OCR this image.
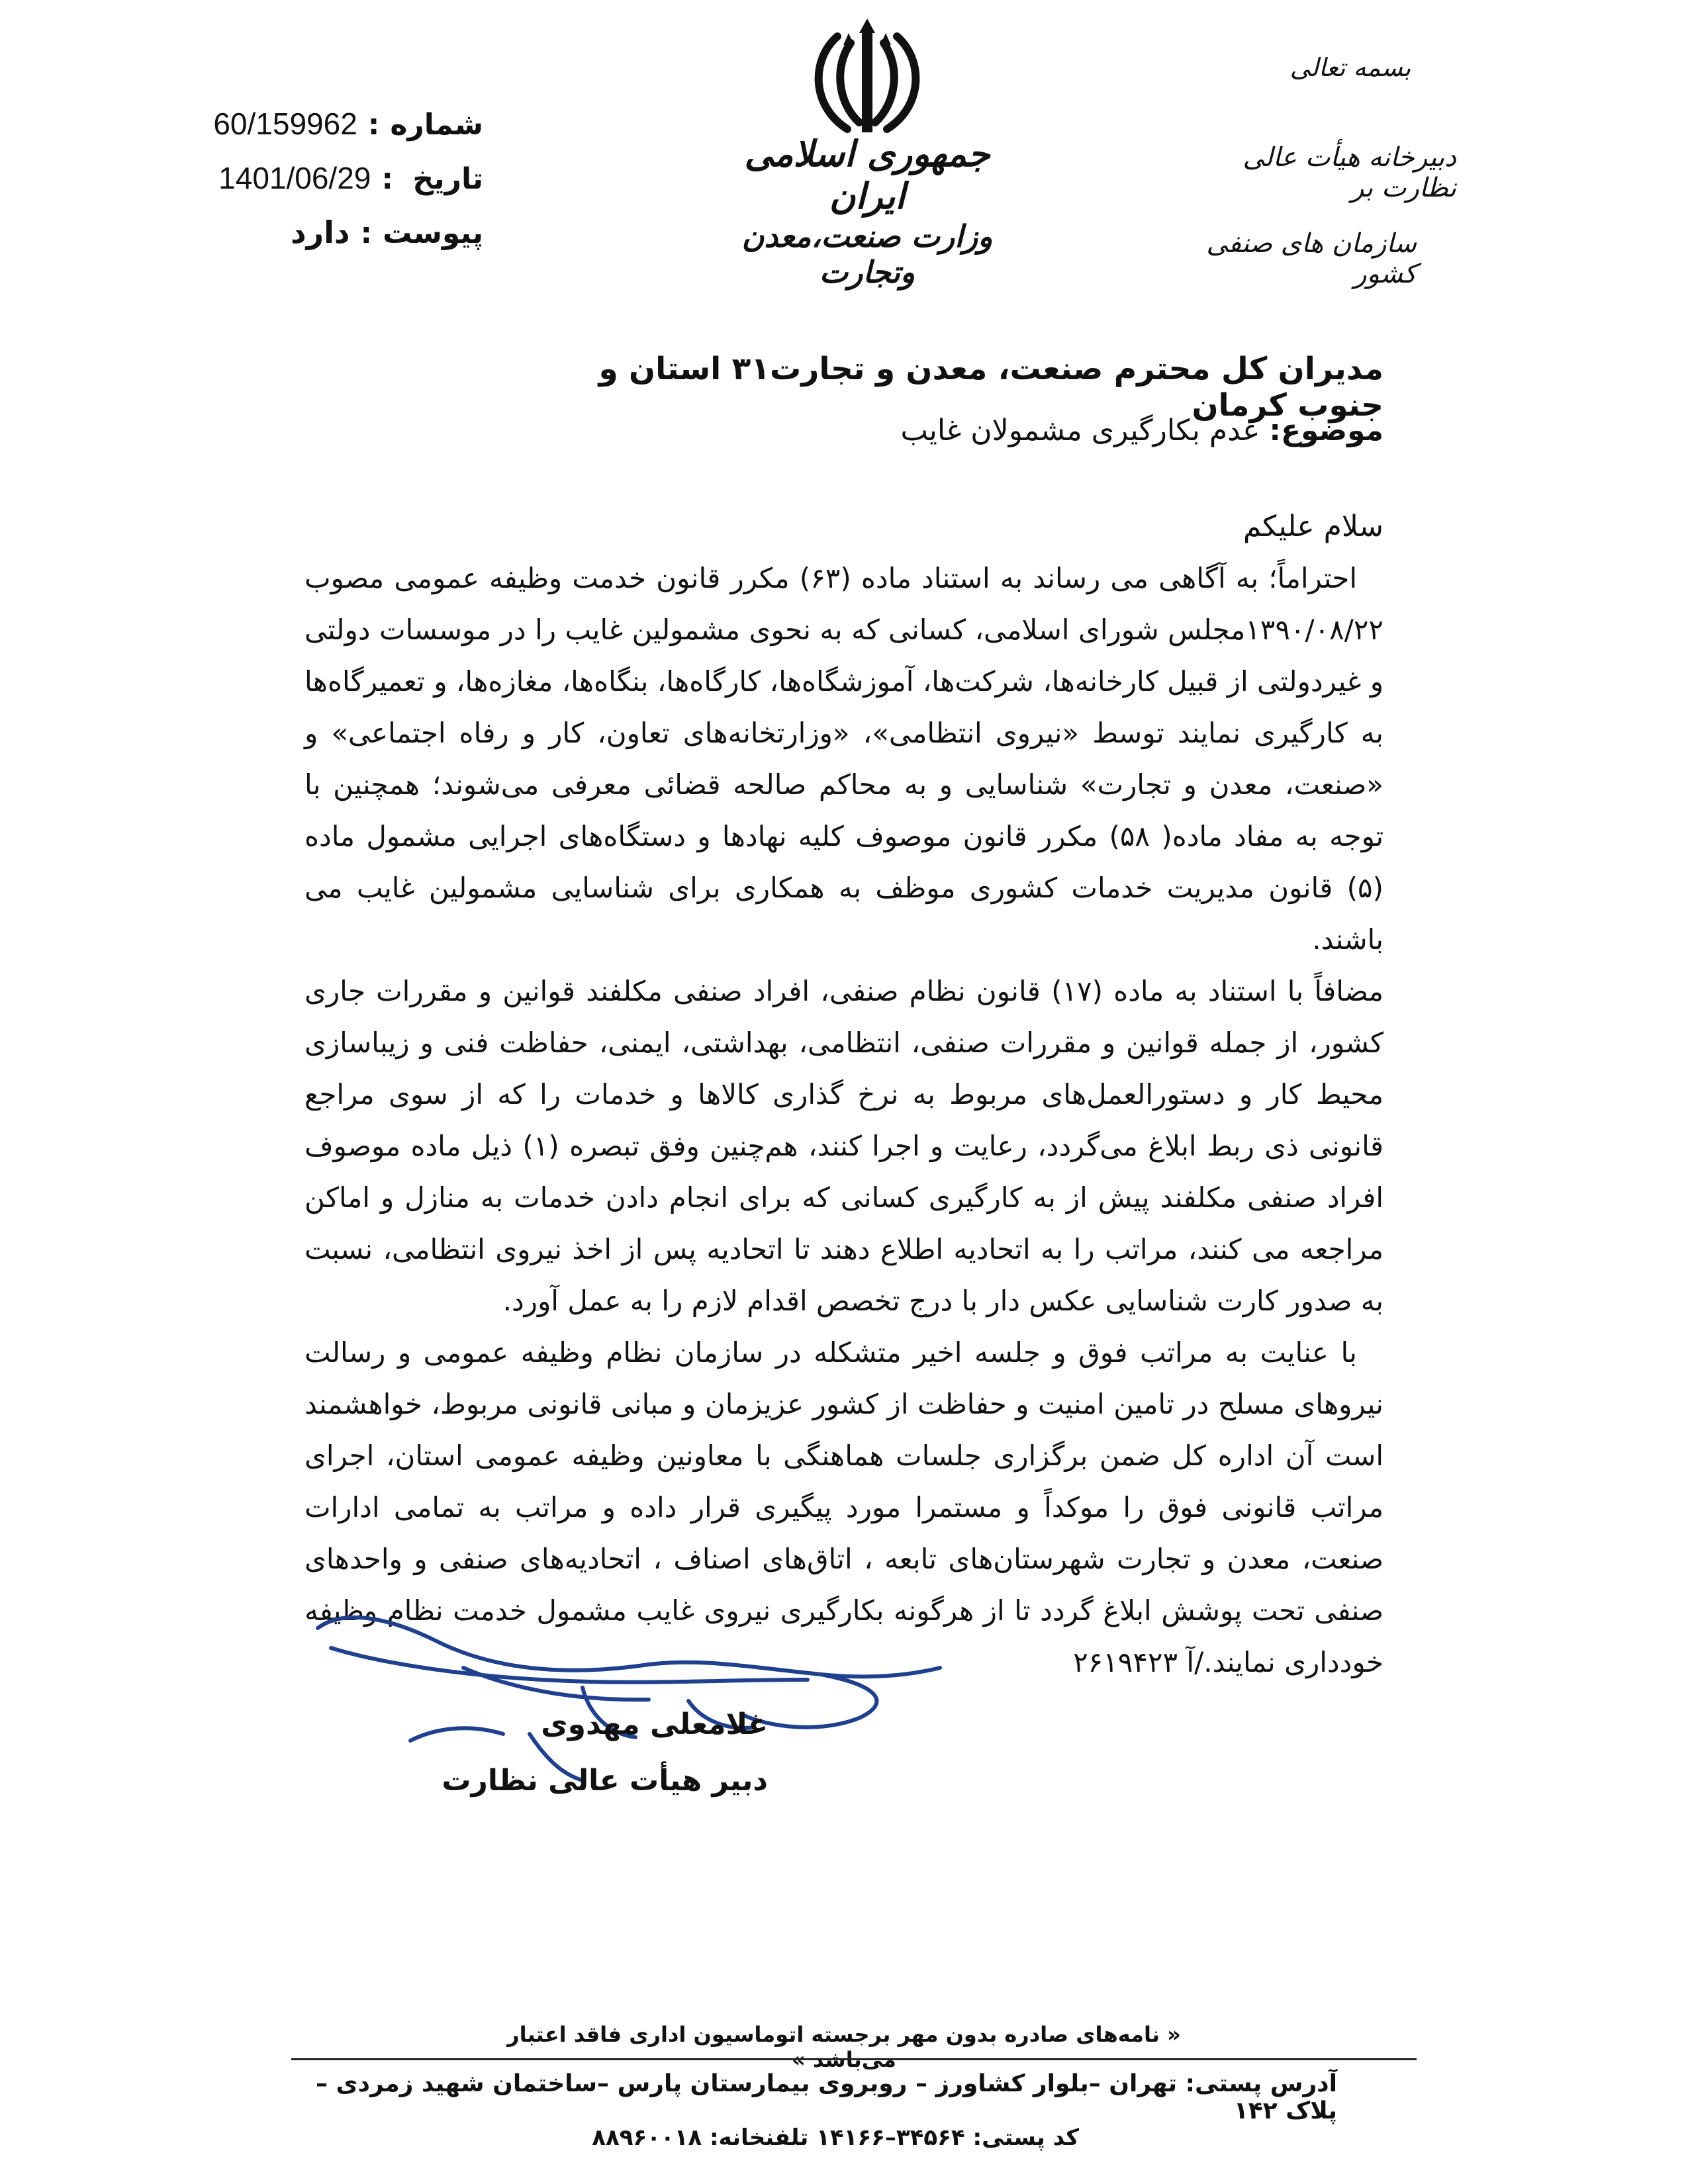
شماره
:
60/159962
تاریخ
:
1401/06/29
پیوست
:
دارد
جمهوری اسلامی ایران
وزارت صنعت،معدن وتجارت
بسمه تعالی
دبیرخانه هیأت عالی نظارت بر
سازمان های صنفی کشور
مدیران کل محترم صنعت، معدن و تجارت۳۱ استان و جنوب کرمان
موضوع: عدم بکارگیری مشمولان غایب
سلام علیکم

احتراماً؛ به آگاهی می رساند به استناد ماده (۶۳) مکرر قانون خدمت وظیفه عمومی مصوب ۱۳۹۰/۰۸/۲۲مجلس شورای اسلامی، کسانی که به نحوی مشمولین غایب را در موسسات دولتی و غیردولتی از قبیل کارخانه‌ها، شرکت‌ها، آموزشگاه‌ها، کارگاه‌ها، بنگاه‌ها، مغازه‌ها، و تعمیرگاه‌ها به کارگیری نمایند توسط «نیروی انتظامی»، «وزارتخانه‌های تعاون، کار و رفاه اجتماعی» و «صنعت، معدن و تجارت» شناسایی و به محاکم صالحه قضائی معرفی می‌شوند؛ همچنین با توجه به مفاد ماده( ۵۸) مکرر قانون موصوف کلیه نهادها و دستگاه‌های اجرایی مشمول ماده (۵) قانون مدیریت خدمات کشوری موظف به همکاری برای شناسایی مشمولین غایب می باشند.

مضافاً با استناد به ماده (۱۷) قانون نظام صنفی، افراد صنفی مکلفند قوانین و مقررات جاری کشور، از جمله قوانین و مقررات صنفی، انتظامی، بهداشتی، ایمنی، حفاظت فنی و زیباسازی محیط کار و دستورالعمل‌های مربوط به نرخ گذاری کالاها و خدمات را که از سوی مراجع قانونی ذی ربط ابلاغ می‌گردد، رعایت و اجرا کنند، هم‌چنین وفق تبصره (۱) ذیل ماده موصوف افراد صنفی مکلفند پیش از به کارگیری کسانی که برای انجام دادن خدمات به منازل و اماکن مراجعه می کنند، مراتب را به اتحادیه اطلاع دهند تا اتحادیه پس از اخذ نیروی انتظامی، نسبت به صدور کارت شناسایی عکس دار با درج تخصص اقدام لازم را به عمل آورد.

با عنایت به مراتب فوق و جلسه اخیر متشکله در سازمان نظام وظیفه عمومی و رسالت نیروهای مسلح در تامین امنیت و حفاظت از کشور عزیزمان و مبانی قانونی مربوط، خواهشمند است آن اداره کل ضمن برگزاری جلسات هماهنگی با معاونین وظیفه عمومی استان، اجرای مراتب قانونی فوق را موکداً و مستمرا مورد پیگیری قرار داده و مراتب به تمامی ادارات صنعت، معدن و تجارت شهرستان‌های تابعه ، اتاق‌های اصناف ، اتحادیه‌های صنفی و واحدهای صنفی تحت پوشش ابلاغ گردد تا از هرگونه بکارگیری نیروی غایب مشمول خدمت نظام وظیفه خودداری نمایند./آ ۲۶۱۹۴۲۳

غلامعلی مهدوی
دبیر هیأت عالی نظارت
« نامه‌های صادره بدون مهر برجسته اتوماسیون اداری فاقد اعتبار می‌باشد »
آدرس پستی: تهران –بلوار کشاورز – روبروی بیمارستان پارس –ساختمان شهید زمردی – پلاک ۱۴۲
کد پستی: ۳۴۵۶۴–۱۴۱۶۶ تلفنخانه: ۸۸۹۶۰۰۱۸
